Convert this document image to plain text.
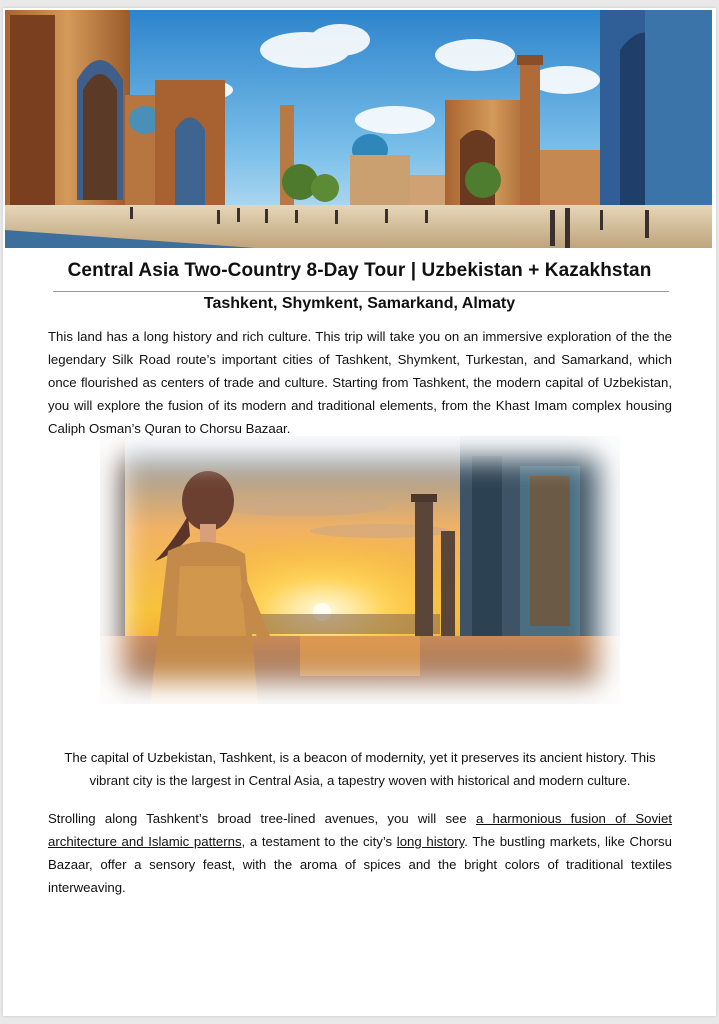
Central Asia Two-Country 8-Day Tour | Uzbekistan + Kazakhstan
Tashkent, Shymkent, Samarkand, Almaty
This land has a long history and rich culture. This trip will take you on an immersive exploration of the the legendary Silk Road route’s important cities of Tashkent, Shymkent, Turkestan, and Samarkand, which once flourished as centers of trade and culture. Starting from Tashkent, the modern capital of Uzbekistan, you will explore the fusion of its modern and traditional elements, from the Khast Imam complex housing Caliph Osman’s Quran to Chorsu Bazaar.
The capital of Uzbekistan, Tashkent, is a beacon of modernity, yet it preserves its ancient history. This vibrant city is the largest in Central Asia, a tapestry woven with historical and modern culture.
Strolling along Tashkent’s broad tree-lined avenues, you will see a harmonious fusion of Soviet architecture and Islamic patterns, a testament to the city’s long history. The bustling markets, like Chorsu Bazaar, offer a sensory feast, with the aroma of spices and the bright colors of traditional textiles interweaving.
